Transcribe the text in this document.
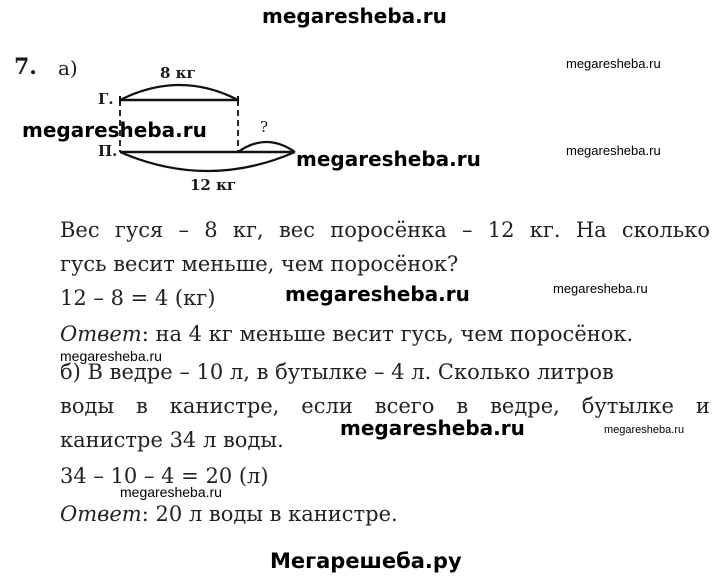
megaresheba.ru
Мегарешеба.ру
7. а)	8 кг
Г.
П.
?
12 кг
Вес гуся – 8 кг, вес поросёнка – 12 кг. На сколько
гусь весит меньше, чем поросёнок?
12 – 8 = 4 (кг)
Ответ: на 4 кг меньше весит гусь, чем поросёнок.
б) В ведре – 10 л, в бутылке – 4 л. Сколько литров
воды в канистре, если всего в ведре, бутылке и
канистре 34 л воды.
34 – 10 – 4 = 20 (л)
Ответ: 20 л воды в канистре.
megaresheba.ru
megaresheba.ru
megaresheba.ru
megaresheba.ru
megaresheba.ru	megaresheba.ru
megaresheba.ru
megaresheba.ru	megaresheba.ru
megaresheba.ru
